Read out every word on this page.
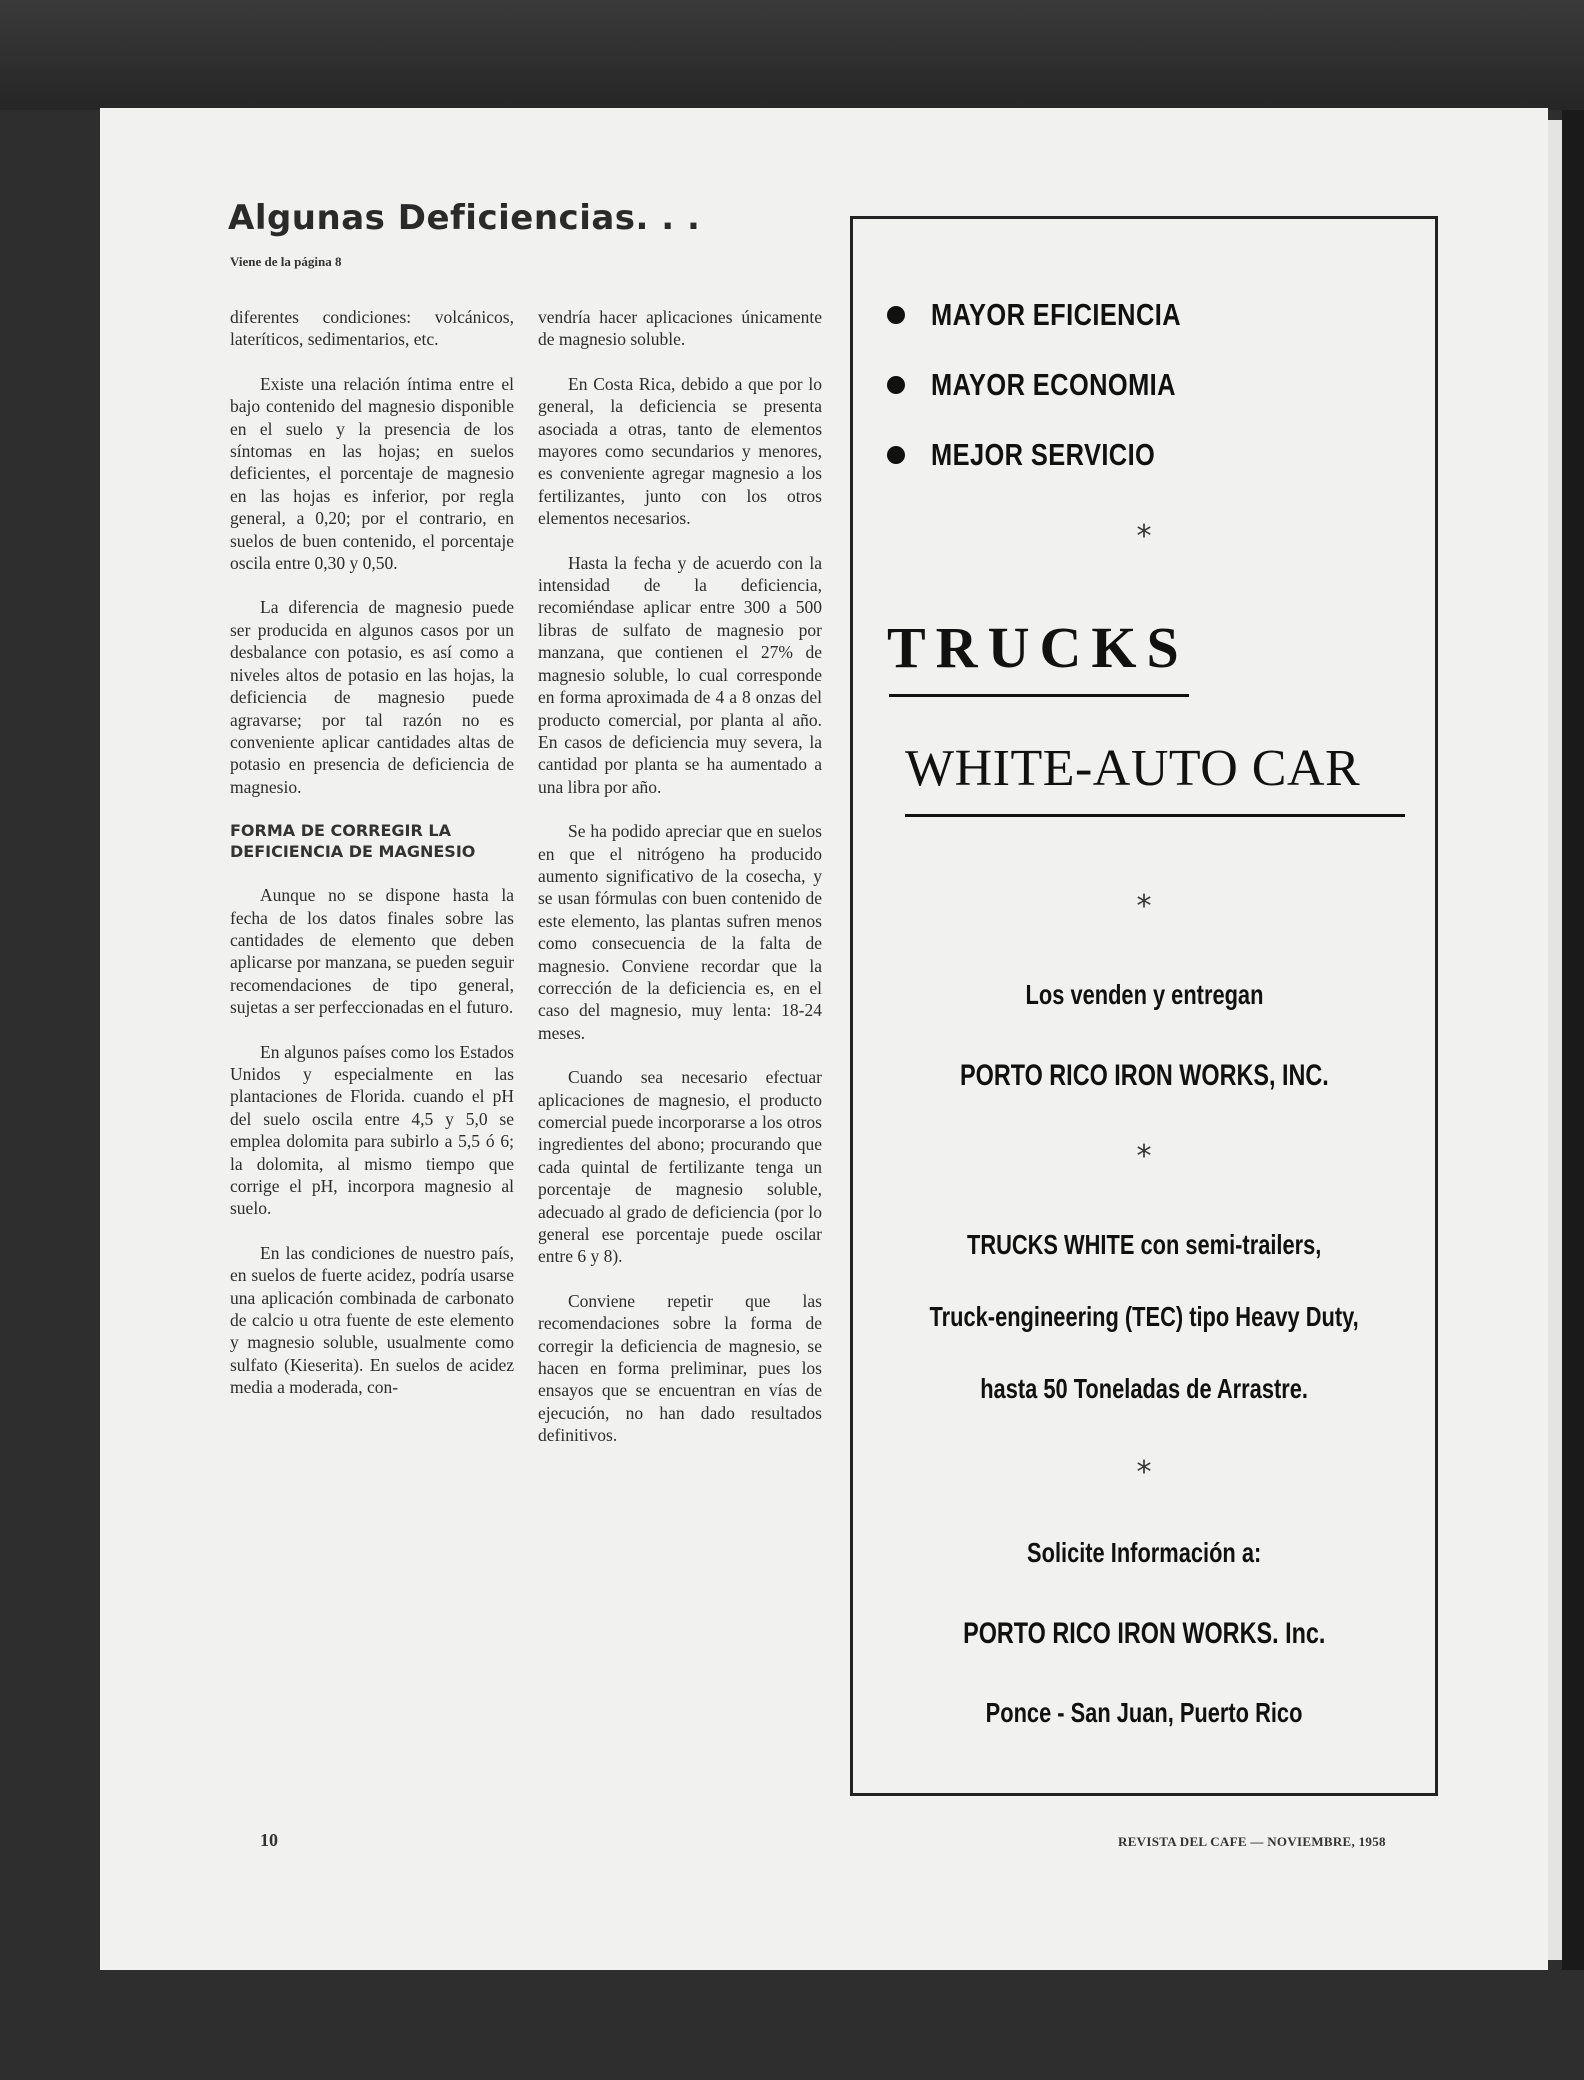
Algunas Deficiencias. . .
Viene de la página 8

diferentes condiciones: volcánicos, lateríticos, sedimentarios, etc.

Existe una relación íntima entre el bajo contenido del magnesio disponible en el suelo y la presencia de los síntomas en las hojas; en suelos deficientes, el porcentaje de magnesio en las hojas es inferior, por regla general, a 0,20; por el contrario, en suelos de buen contenido, el porcentaje oscila entre 0,30 y 0,50.

La diferencia de magnesio puede ser producida en algunos casos por un desbalance con potasio, es así como a niveles altos de potasio en las hojas, la deficiencia de magnesio puede agravarse; por tal razón no es conveniente aplicar cantidades altas de potasio en presencia de deficiencia de magnesio.

FORMA DE CORREGIR LA DEFICIENCIA DE MAGNESIO

Aunque no se dispone hasta la fecha de los datos finales sobre las cantidades de elemento que deben aplicarse por manzana, se pueden seguir recomendaciones de tipo general, sujetas a ser perfeccionadas en el futuro.

En algunos países como los Estados Unidos y especialmente en las plantaciones de Florida. cuando el pH del suelo oscila entre 4,5 y 5,0 se emplea dolomita para subirlo a 5,5 ó 6; la dolomita, al mismo tiempo que corrige el pH, incorpora magnesio al suelo.

En las condiciones de nuestro país, en suelos de fuerte acidez, podría usarse una aplicación combinada de carbonato de calcio u otra fuente de este elemento y magnesio soluble, usualmente como sulfato (Kieserita). En suelos de acidez media a moderada, con-

vendría hacer aplicaciones únicamente de magnesio soluble.

En Costa Rica, debido a que por lo general, la deficiencia se presenta asociada a otras, tanto de elementos mayores como secundarios y menores, es conveniente agregar magnesio a los fertilizantes, junto con los otros elementos necesarios.

Hasta la fecha y de acuerdo con la intensidad de la deficiencia, recomiéndase aplicar entre 300 a 500 libras de sulfato de magnesio por manzana, que contienen el 27% de magnesio soluble, lo cual corresponde en forma aproximada de 4 a 8 onzas del producto comercial, por planta al año. En casos de deficiencia muy severa, la cantidad por planta se ha aumentado a una libra por año.

Se ha podido apreciar que en suelos en que el nitrógeno ha producido aumento significativo de la cosecha, y se usan fórmulas con buen contenido de este elemento, las plantas sufren menos como consecuencia de la falta de magnesio. Conviene recordar que la corrección de la deficiencia es, en el caso del magnesio, muy lenta: 18-24 meses.

Cuando sea necesario efectuar aplicaciones de magnesio, el producto comercial puede incorporarse a los otros ingredientes del abono; procurando que cada quintal de fertilizante tenga un porcentaje de magnesio soluble, adecuado al grado de deficiencia (por lo general ese porcentaje puede oscilar entre 6 y 8).

Conviene repetir que las recomendaciones sobre la forma de corregir la deficiencia de magnesio, se hacen en forma preliminar, pues los ensayos que se encuentran en vías de ejecución, no han dado resultados definitivos.

MAYOR EFICIENCIA
MAYOR ECONOMIA
MEJOR SERVICIO
*
TRUCKS
WHITE-AUTO CAR
*
Los venden y entregan
PORTO RICO IRON WORKS, INC.
*
TRUCKS WHITE con semi-trailers,
Truck-engineering (TEC) tipo Heavy Duty,
hasta 50 Toneladas de Arrastre.
*
Solicite Información a:
PORTO RICO IRON WORKS. Inc.
Ponce - San Juan, Puerto Rico
10	REVISTA DEL CAFE — NOVIEMBRE, 1958
